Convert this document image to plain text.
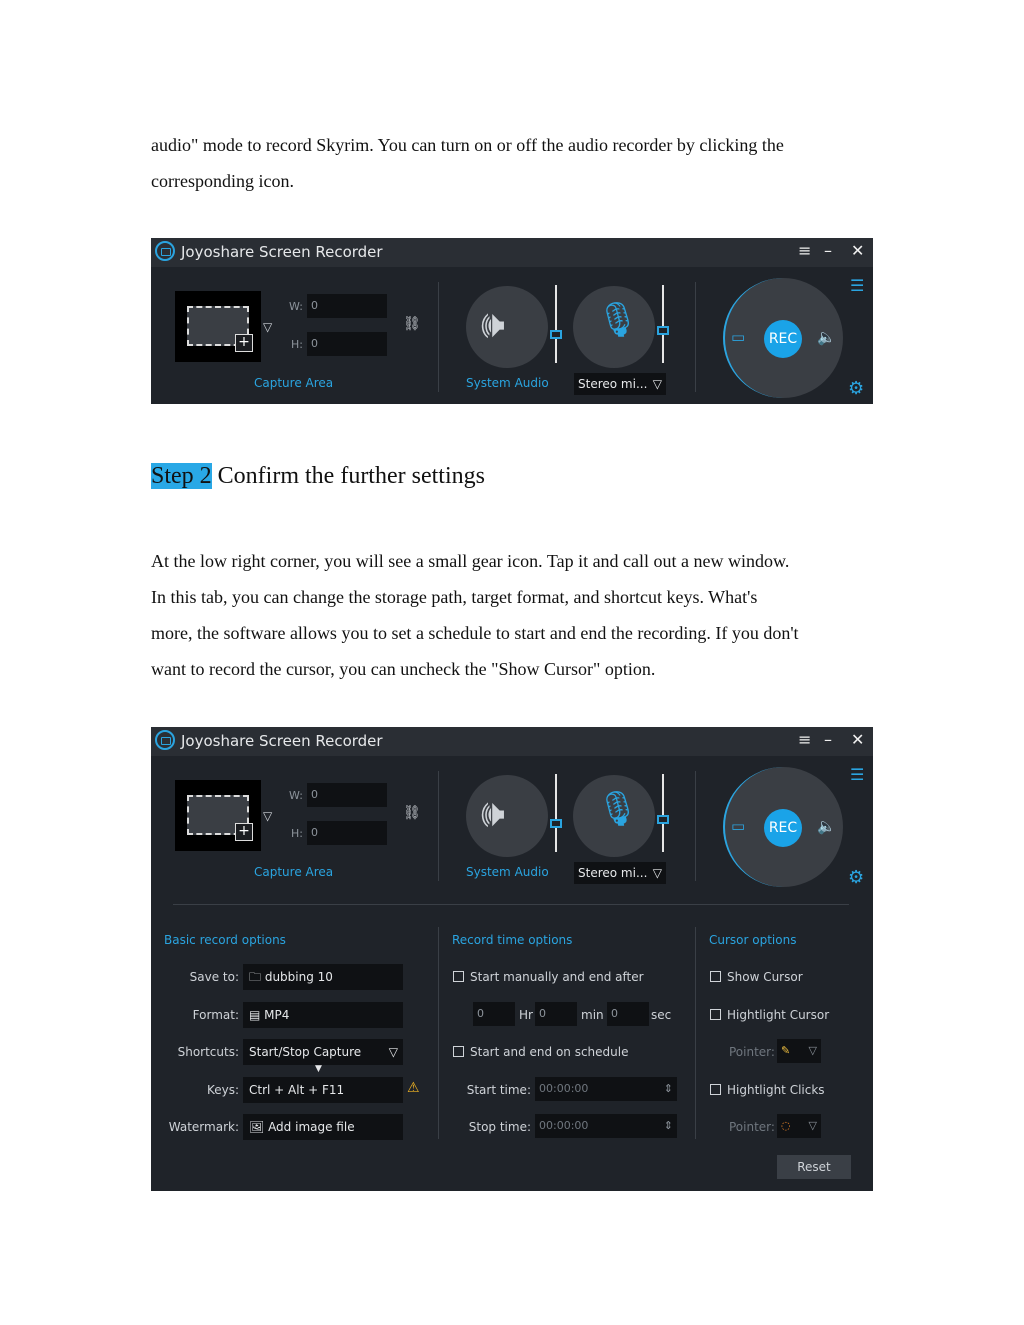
audio" mode to record Skyrim. You can turn on or off the audio recorder by clicking the
corresponding icon.
Joyoshare Screen Recorder	≡ – ✕
+
▽
W: 0
H: 0
⛓
Capture Area
🕪
System Audio
🎙
Stereo mi... ▽
▭	REC	🔈
☰
⚙
Step 2 Confirm the further settings
At the low right corner, you will see a small gear icon. Tap it and call out a new window.
In this tab, you can change the storage path, target format, and shortcut keys. What's
more, the software allows you to set a schedule to start and end the recording. If you don't
want to record the cursor, you can uncheck the "Show Cursor" option.
Joyoshare Screen Recorder	≡ – ✕
+
▽
W: 0
H: 0
⛓
Capture Area
🕪
System Audio
🎙
Stereo mi... ▽
▭	REC	🔈
☰
⚙
Basic record options
Save to: 🗀 dubbing 10
Format: ▤ MP4
Shortcuts: Start/Stop Capture ▽
▼
Keys: Ctrl + Alt + F11	⚠
Watermark: 🖼 Add image file
Record time options
Start manually and end after
0	Hr 0	min 0	sec
Start and end on schedule
Start time: 00:00:00	⇕
Stop time: 00:00:00	⇕
Cursor options
Show Cursor
Hightlight Cursor
Pointer: ✎ ▽
Hightlight Clicks
Pointer: ◌ ▽
Reset
